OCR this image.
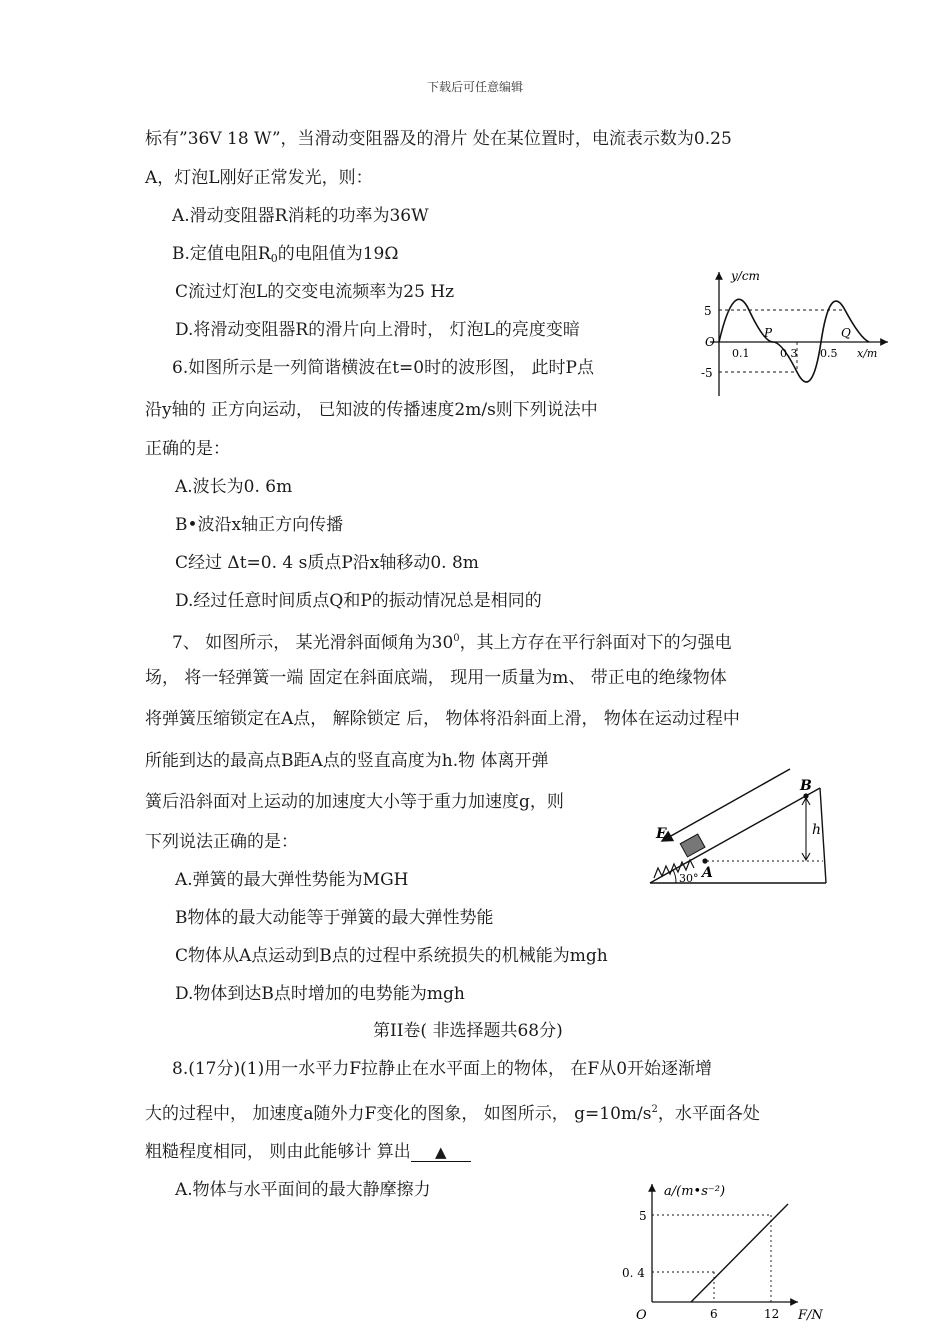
下载后可任意编辑
标有”36V 18 W”，当滑动变阻器及的滑片 处在某位置时，电流表示数为0.25
A，灯泡L刚好正常发光，则：
A.滑动变阻器R消耗的功率为36W
B.定值电阻$R_0$的电阻值为19Ω
C流过灯泡L的交变电流频率为25 Hz
D.将滑动变阻器R的滑片向上滑时， 灯泡L的亮度变暗
6.如图所示是一列简谐横波在t=0时的波形图， 此时P点
沿y轴的 正方向运动， 已知波的传播速度2m/s则下列说法中
正确的是：
A.波长为0. 6m
B•波沿x轴正方向传播
C经过 Δt=0. 4 s质点P沿x轴移动0. 8m
D.经过任意时间质点Q和P的振动情况总是相同的
7、 如图所示， 某光滑斜面倾角为$30^0$，其上方存在平行斜面对下的匀强电
场， 将一轻弹簧一端 固定在斜面底端， 现用一质量为m、 带正电的绝缘物体
将弹簧压缩锁定在A点， 解除锁定 后， 物体将沿斜面上滑， 物体在运动过程中
所能到达的最高点B距A点的竖直高度为h.物 体离开弹
簧后沿斜面对上运动的加速度大小等于重力加速度g，则
下列说法正确的是：
A.弹簧的最大弹性势能为MGH
B物体的最大动能等于弹簧的最大弹性势能
C物体从A点运动到B点的过程中系统损失的机械能为mgh
D.物体到达B点时增加的电势能为mgh
第II卷( 非选择题共68分)
8.(17分)(1)用一水平力F拉静止在水平面上的物体， 在F从0开始逐渐增
大的过程中， 加速度a随外力F变化的图象， 如图所示， $g=10m/s^2$，水平面各处
粗糙程度相同， 则由此能够计 算出 ▲
A.物体与水平面间的最大静摩擦力
y/cm
5
-5
O
0.1	0.3 0.5 x/m
P	Q
E
B
A
h
30°
a/(m•s⁻²)
5
0. 4
O	6	12 F/N
